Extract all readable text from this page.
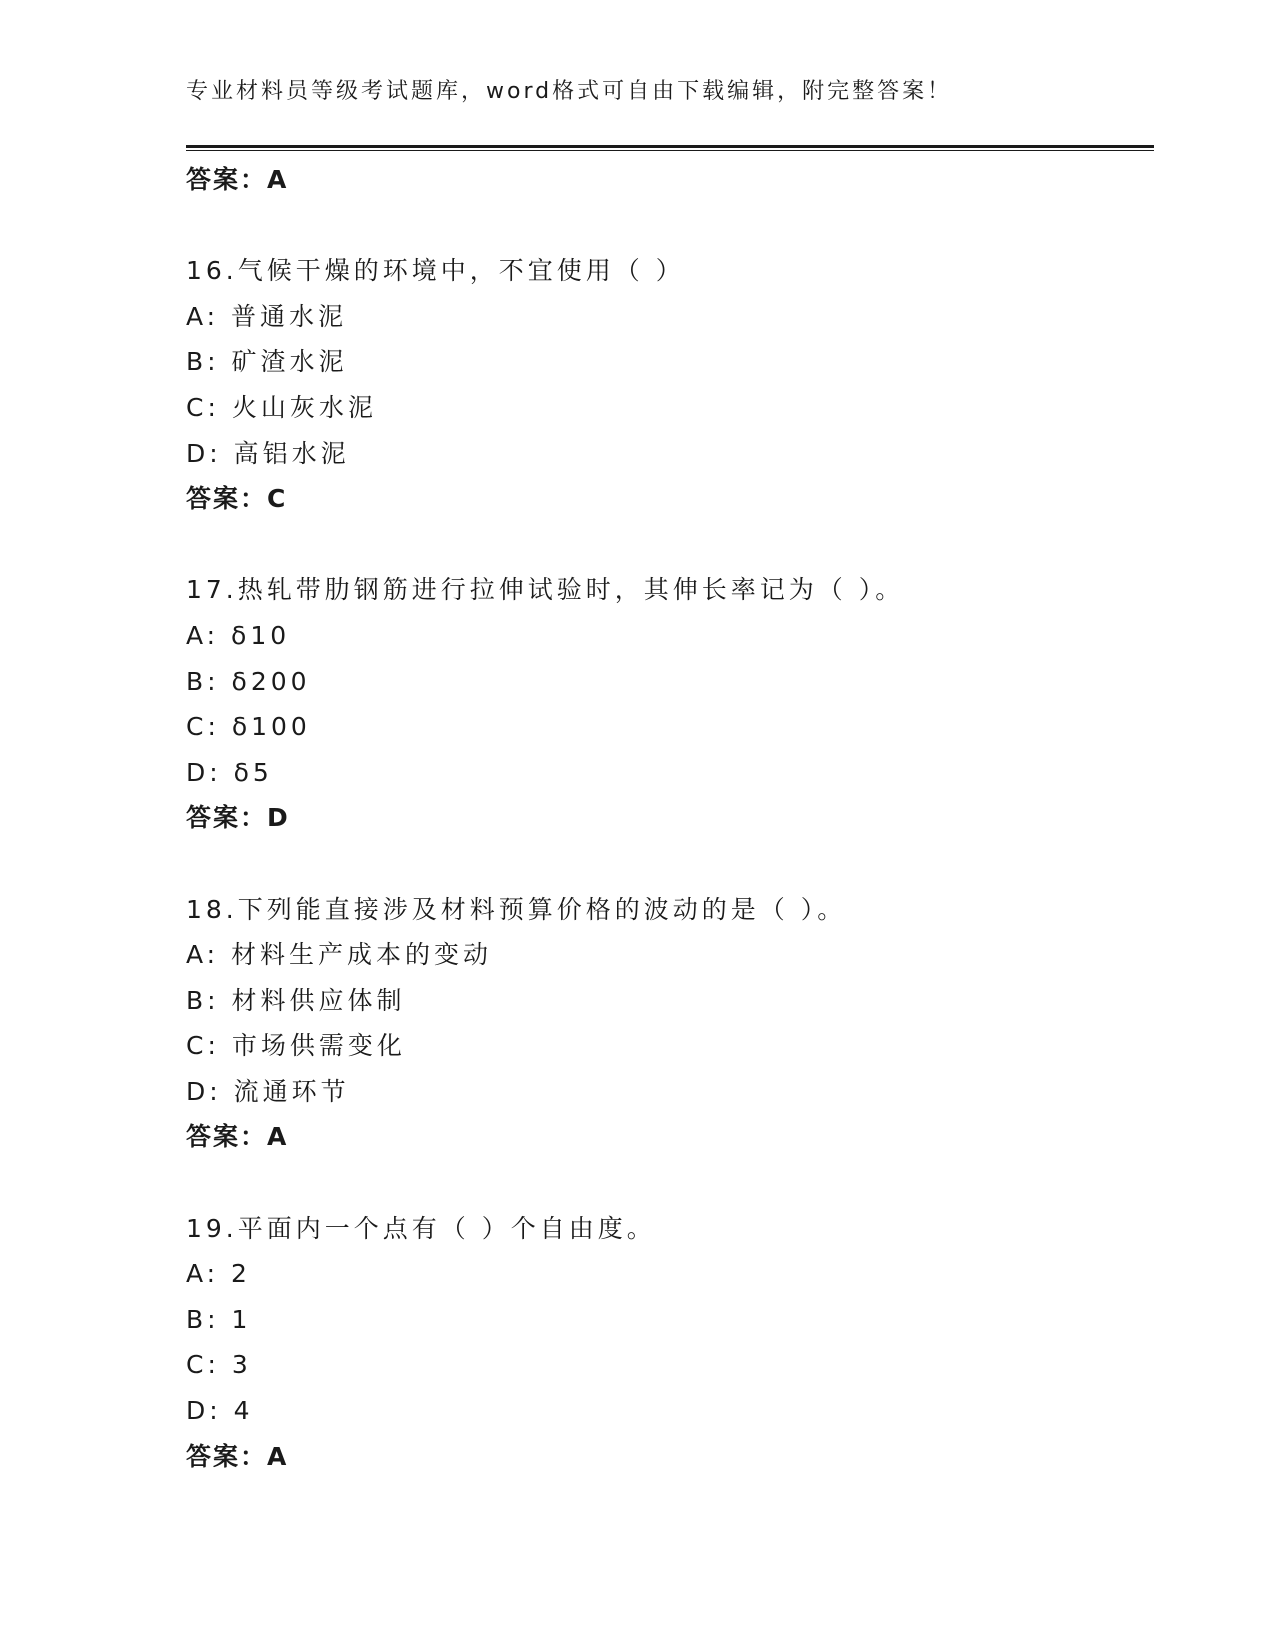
专业材料员等级考试题库，word格式可自由下载编辑，附完整答案！
答案：A
16.气候干燥的环境中，不宜使用（ ）
A: 普通水泥
B: 矿渣水泥
C: 火山灰水泥
D: 高铝水泥
答案：C
17.热轧带肋钢筋进行拉伸试验时，其伸长率记为（ ）。
A: δ10
B: δ200
C: δ100
D: δ5
答案：D
18.下列能直接涉及材料预算价格的波动的是（ ）。
A: 材料生产成本的变动
B: 材料供应体制
C: 市场供需变化
D: 流通环节
答案：A
19.平面内一个点有（ ）个自由度。
A: 2
B: 1
C: 3
D: 4
答案：A
